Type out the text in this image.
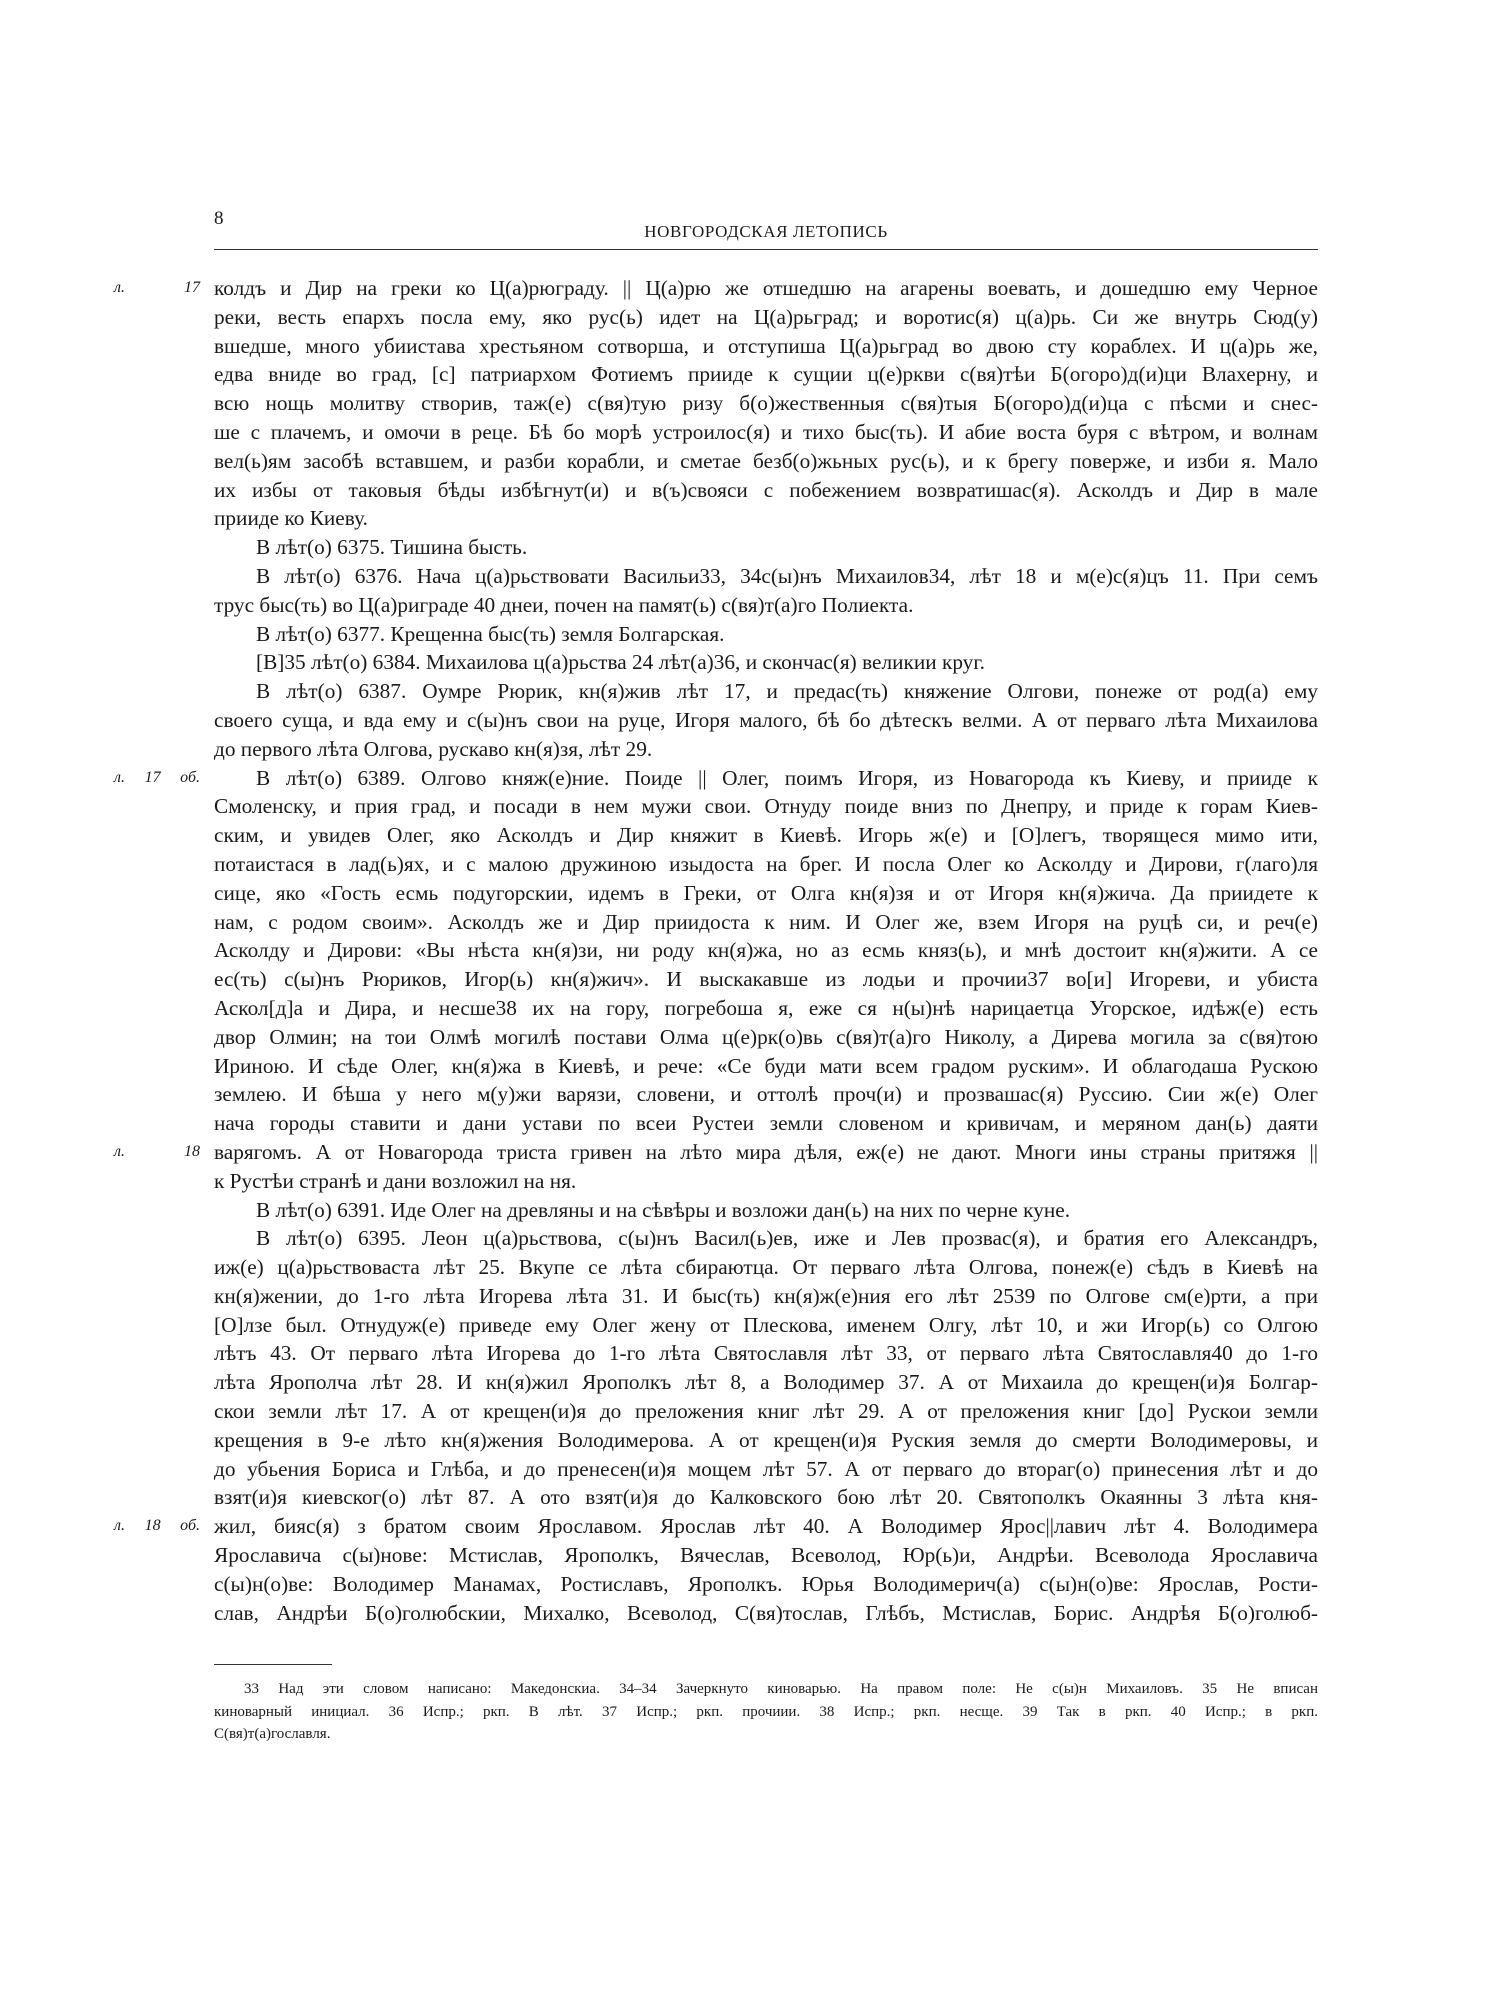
8
НОВГОРОДСКАЯ ЛЕТОПИСЬ
л. 17 колдъ и Дир на греки ко Ц(а)рюграду. || Ц(а)рю же отшедшю на агарены воевать, и дошедшю ему Черное
реки, весть епархъ посла ему, яко рус(ь) идет на Ц(а)рьград; и воротис(я) ц(а)рь. Си же внутрь Сюд(у)
вшедше, много убиистава хрестьяном сотворша, и отступиша Ц(а)рьград во двою сту кораблех. И ц(а)рь же,
едва вниде во град, [с] патриархом Фотиемъ прииде к сущии ц(е)ркви с(вя)тѣи Б(огоро)д(и)ци Влахерну, и
всю нощь молитву створив, таж(е) с(вя)тую ризу б(о)жественныя с(вя)тыя Б(огоро)д(и)ца с пѣсми и снес-
ше с плачемъ, и омочи в реце. Бѣ бо морѣ устроилос(я) и тихо быс(ть). И абие воста буря с вѣтром, и волнам
вел(ь)ям засобѣ вставшем, и разби корабли, и сметае безб(о)жьных рус(ь), и к брегу поверже, и изби я. Мало
их избы от таковыя бѣды избѣгнут(и) и в(ъ)свояси с побежением возвратишас(я). Асколдъ и Дир в мале
прииде ко Киеву.
В лѣт(о) 6375. Тишина бысть.
В лѣт(о) 6376. Нача ц(а)рьствовати Васильи33, 34с(ы)нъ Михаилов34, лѣт 18 и м(е)с(я)цъ 11. При семъ
трус быс(ть) во Ц(а)риграде 40 днеи, почен на памят(ь) с(вя)т(а)го Полиекта.
В лѣт(о) 6377. Крещенна быс(ть) земля Болгарская.
[В]35 лѣт(о) 6384. Михаилова ц(а)рьства 24 лѣт(а)36, и скончас(я) великии круг.
В лѣт(о) 6387. Оумре Рюрик, кн(я)жив лѣт 17, и предас(ть) княжение Олгови, понеже от род(а) ему
своего суща, и вда ему и с(ы)нъ свои на руце, Игоря малого, бѣ бо дѣтескъ велми. А от перваго лѣта Михаилова
до первого лѣта Олгова, рускаво кн(я)зя, лѣт 29.
л. 17 об.	В лѣт(о) 6389. Олгово княж(е)ние. Поиде || Олег, поимъ Игоря, из Новагорода къ Киеву, и прииде к
Смоленску, и прия град, и посади в нем мужи свои. Отнуду поиде вниз по Днепру, и приде к горам Киев-
ским, и увидев Олег, яко Асколдъ и Дир княжит в Киевѣ. Игорь ж(е) и [О]легъ, творящеся мимо ити,
потаистася в лад(ь)ях, и с малою дружиною изыдоста на брег. И посла Олег ко Асколду и Дирови, г(лаго)ля
сице, яко «Гость есмь подугорскии, идемъ в Греки, от Олга кн(я)зя и от Игоря кн(я)жича. Да приидете к
нам, с родом своим». Асколдъ же и Дир приидоста к ним. И Олег же, взем Игоря на руцѣ си, и реч(е)
Асколду и Дирови: «Вы нѣста кн(я)зи, ни роду кн(я)жа, но аз есмь княз(ь), и мнѣ достоит кн(я)жити. А се
ес(ть) с(ы)нъ Рюриков, Игор(ь) кн(я)жич». И выскакавше из лодьи и прочии37 во[и] Игореви, и убиста
Аскол[д]а и Дира, и несше38 их на гору, погребоша я, еже ся н(ы)нѣ нарицаетца Угорское, идѣж(е) есть
двор Олмин; на тои Олмѣ могилѣ постави Олма ц(е)рк(о)вь с(вя)т(а)го Николу, а Дирева могила за с(вя)тою
Ириною. И сѣде Олег, кн(я)жа в Киевѣ, и рече: «Се буди мати всем градом руским». И облагодаша Рускою
землею. И бѣша у него м(у)жи варязи, словени, и оттолѣ проч(и) и прозвашас(я) Руссию. Сии ж(е) Олег
нача городы ставити и дани устави по всеи Рустеи земли словеном и кривичам, и меряном дан(ь) даяти
л. 18 варягомъ. А от Новагорода триста гривен на лѣто мира дѣля, еж(е) не дают. Многи ины страны притяжя ||
к Рустѣи странѣ и дани возложил на ня.
В лѣт(о) 6391. Иде Олег на древляны и на сѣвѣры и возложи дан(ь) на них по черне куне.
В лѣт(о) 6395. Леон ц(а)рьствова, с(ы)нъ Васил(ь)ев, иже и Лев прозвас(я), и братия его Александръ,
иж(е) ц(а)рьствоваста лѣт 25. Вкупе се лѣта сбираютца. От перваго лѣта Олгова, понеж(е) сѣдъ в Киевѣ на
кн(я)жении, до 1-го лѣта Игорева лѣта 31. И быс(ть) кн(я)ж(е)ния его лѣт 2539 по Олгове см(е)рти, а при
[О]лзе был. Отнудуж(е) приведе ему Олег жену от Плескова, именем Олгу, лѣт 10, и жи Игор(ь) со Олгою
лѣтъ 43. От перваго лѣта Игорева до 1-го лѣта Святославля лѣт 33, от перваго лѣта Святославля40 до 1-го
лѣта Ярополча лѣт 28. И кн(я)жил Ярополкъ лѣт 8, а Володимер 37. А от Михаила до крещен(и)я Болгар-
скои земли лѣт 17. А от крещен(и)я до преложения книг лѣт 29. А от преложения книг [до] Рускои земли
крещения в 9-е лѣто кн(я)жения Володимерова. А от крещен(и)я Руския земля до смерти Володимеровы, и
до убьения Бориса и Глѣба, и до пренесен(и)я мощем лѣт 57. А от перваго до втораг(о) принесения лѣт и до
взят(и)я киевског(о) лѣт 87. А ото взят(и)я до Калковского бою лѣт 20. Святополкъ Окаянны 3 лѣта кня-
л. 18 об. жил, бияс(я) з братом своим Ярославом. Ярослав лѣт 40. А Володимер Ярос||лавич лѣт 4. Володимера
Ярославича с(ы)нове: Мстислав, Ярополкъ, Вячеслав, Всеволод, Юр(ь)и, Андрѣи. Всеволода Ярославича
с(ы)н(о)ве: Володимер Манамах, Ростиславъ, Ярополкъ. Юрья Володимерич(а) с(ы)н(о)ве: Ярослав, Рости-
слав, Андрѣи Б(о)голюбскии, Михалко, Всеволод, С(вя)тослав, Глѣбъ, Мстислав, Борис. Андрѣя Б(о)голюб-
33 Над эти словом написано: Македонскиа. 34–34 Зачеркнуто киноварью. На правом поле: Не с(ы)н Михаиловъ. 35 Не вписан
киноварный инициал. 36 Испр.; ркп. В лѣт. 37 Испр.; ркп. прочиии. 38 Испр.; ркп. несще. 39 Так в ркп. 40 Испр.; в ркп.
С(вя)т(а)гославля.
